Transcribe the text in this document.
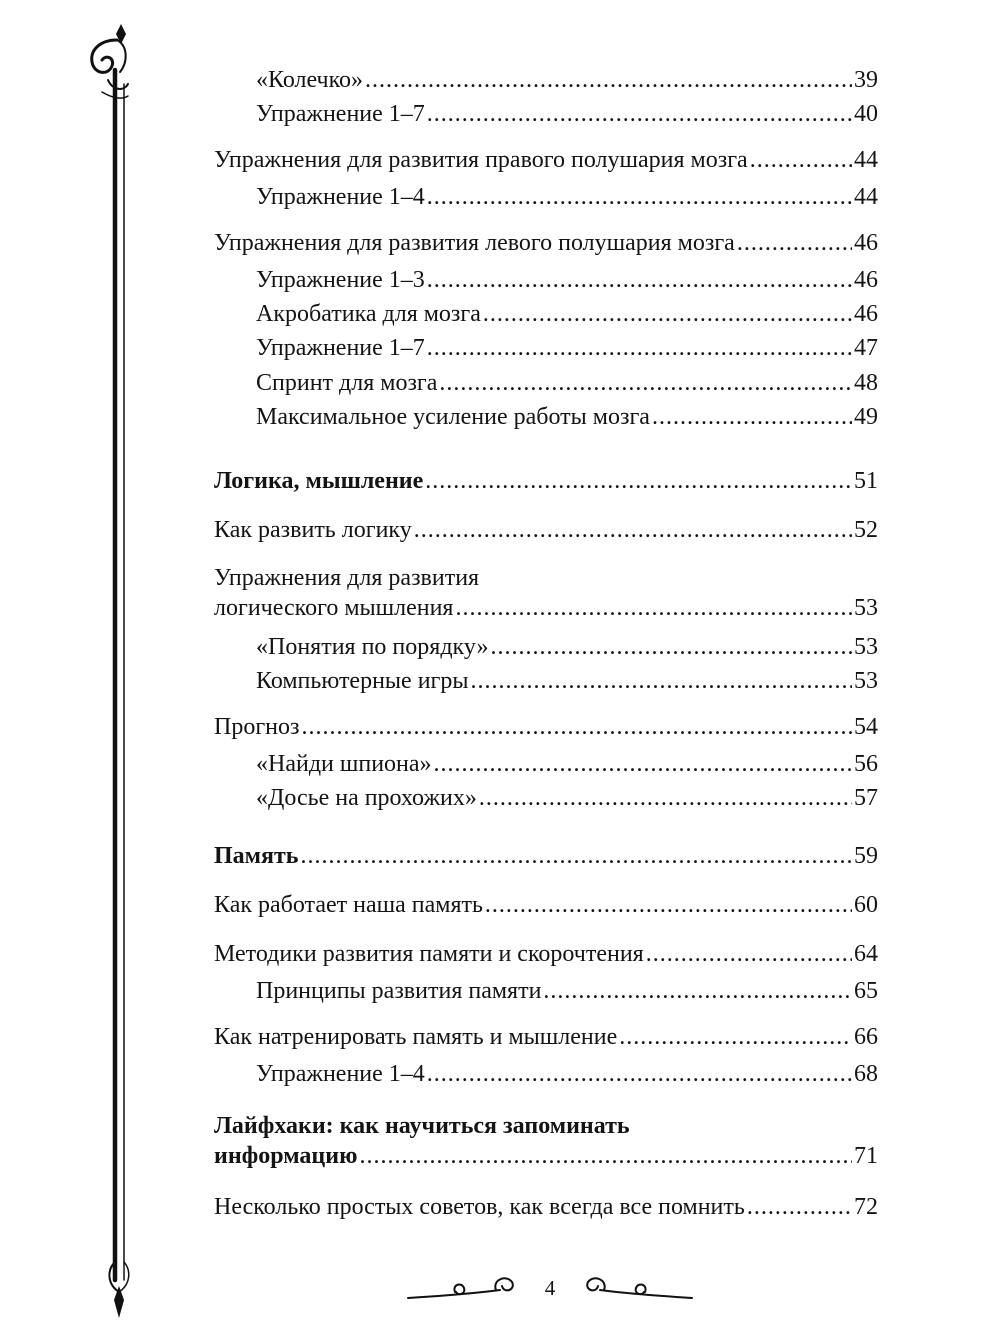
«Колечко» .....	39
Упражнение 1–7 .....	40
Упражнения для развития правого полушария мозга .....	44
Упражнение 1–4 .....	44
Упражнения для развития левого полушария мозга .....	46
Упражнение 1–3 .....	46
Акробатика для мозга .....	46
Упражнение 1–7 .....	47
Спринт для мозга .....	48
Максимальное усиление работы мозга .....	49
Логика, мышление .....	51
Как развить логику .....	52
Упражнения для развития
логического мышления .....	53
«Понятия по порядку» .....	53
Компьютерные игры .....	53
Прогноз .....	54
«Найди шпиона» .....	56
«Досье на прохожих» .....	57
Память .....	59
Как работает наша память .....	60
Методики развития памяти и скорочтения .....	64
Принципы развития памяти .....	65
Как натренировать память и мышление .....	66
Упражнение 1–4 .....	68
Лайфхаки: как научиться запоминать
информацию .....	71
Несколько простых советов, как всегда все помнить .....	72
4
